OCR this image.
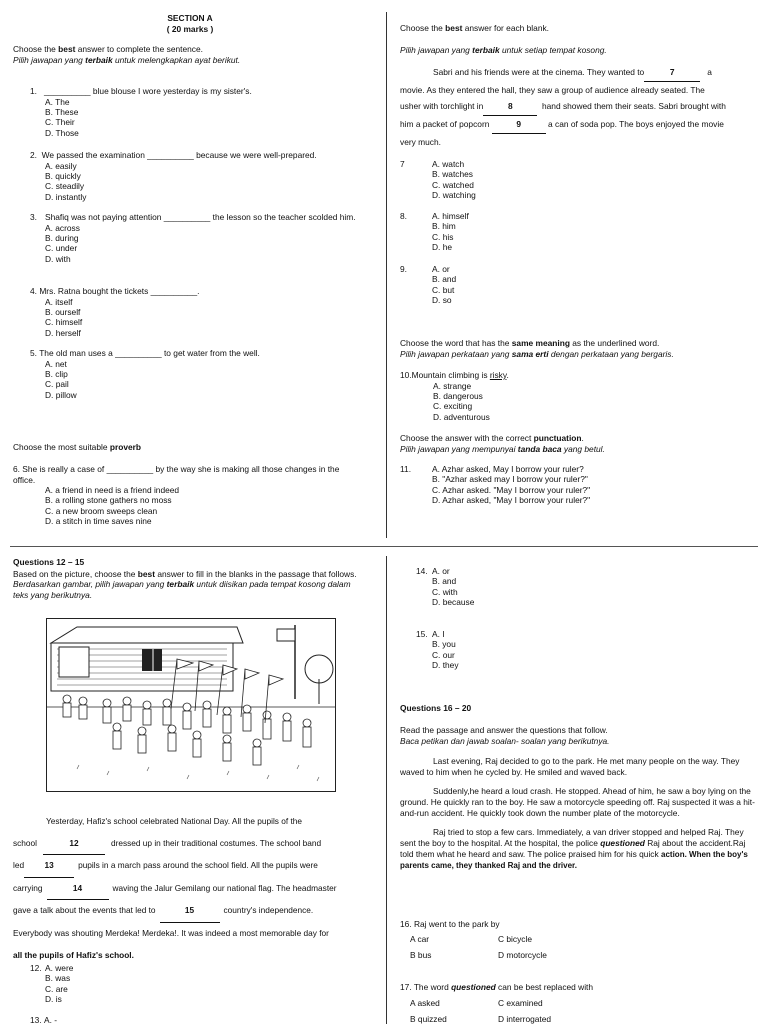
SECTION A
( 20 marks )
Choose the best answer to complete the sentence.
Pilih jawapan yang terbaik untuk melengkapkan ayat berikut.
1. __________ blue blouse I wore yesterday is my sister's.
A. The
B. These
C. Their
D. Those
2. We passed the examination __________ because we were well-prepared.
A. easily
B. quickly
C. steadily
D. instantly
3. Shafiq was not paying attention __________ the lesson so the teacher scolded him.
A. across
B. during
C. under
D. with
4. Mrs. Ratna bought the tickets __________.
A. itself
B. ourself
C. himself
D. herself
5. The old man uses a __________ to get water from the well.
A. net
B. clip
C. pail
D. pillow
Choose the most suitable proverb
6. She is really a case of __________ by the way she is making all those changes in the office.
A. a friend in need is a friend indeed
B. a rolling stone gathers no moss
C. a new broom sweeps clean
D. a stitch in time saves nine
Choose the best answer for each blank.
Pilih jawapan yang terbaik untuk setiap tempat kosong.
Sabri and his friends were at the cinema. They wanted to	7	a
movie. As they entered the hall, they saw a group of audience already seated. The
usher with torchlight in	8	hand showed them their seats. Sabri brought with
him a packet of popcorn	9	a can of soda pop. The boys enjoyed the movie
very much.
7	A. watch
B. watches
C. watched
D. watching
8.	A. himself
B. him
C. his
D. he
9.	A. or
B. and
C. but
D. so
Choose the word that has the same meaning as the underlined word.
Pilih jawapan perkataan yang sama erti dengan perkataan yang bergaris.
10.Mountain climbing is risky.
A. strange
B. dangerous
C. exciting
D. adventurous
Choose the answer with the correct punctuation.
Pilih jawapan yang mempunyai tanda baca yang betul.
11. A. Azhar asked, May I borrow your ruler?
B. "Azhar asked may I borrow your ruler?"
C. Azhar asked. "May I borrow your ruler?"
D. Azhar asked, "May I borrow your ruler?"
Questions 12 – 15
Based on the picture, choose the best answer to fill in the blanks in the passage that follows.
Berdasarkan gambar, pilih jawapan yang terbaik untuk diisikan pada tempat kosong dalam teks yang berikutnya.
Yesterday, Hafiz's school celebrated National Day. All the pupils of the
school	12	dressed up in their traditional costumes. The school band
led 13	pupils in a march pass around the school field. All the pupils were
carrying	14	waving the Jalur Gemilang our national flag. The headmaster
gave a talk about the events that led to	15	country's independence.
Everybody was shouting Merdeka! Merdeka!. It was indeed a most memorable day for
all the pupils of Hafiz's school.
12. A. were
B. was
C. are
D. is
13. A. -
14. A. or
B. and
C. with
D. because
15. A. I
B. you
C. our
D. they
Questions 16 – 20
Read the passage and answer the questions that follow.
Baca petikan dan jawab soalan- soalan yang berikutnya.

Last evening, Raj decided to go to the park. He met many people on the way. They waved to him when he cycled by. He smiled and waved back.

Suddenly,he heard a loud crash. He stopped. Ahead of him, he saw a boy lying on the ground. He quickly ran to the boy. He saw a motorcycle speeding off. Raj suspected it was a hit-and-run accident. He quickly took down the number plate of the motorcycle.

Raj tried to stop a few cars. Immediately, a van driver stopped and helped Raj. They sent the boy to the hospital. At the hospital, the police questioned Raj about the accident.Raj told them what he heard and saw. The police praised him for his quick action. When the boy's parents came, they thanked Raj and the driver.

16. Raj went to the park by
A car	C bicycle
B bus	D motorcycle
17. The word questioned can be best replaced with
A asked	C examined
B quizzed	D interrogated
